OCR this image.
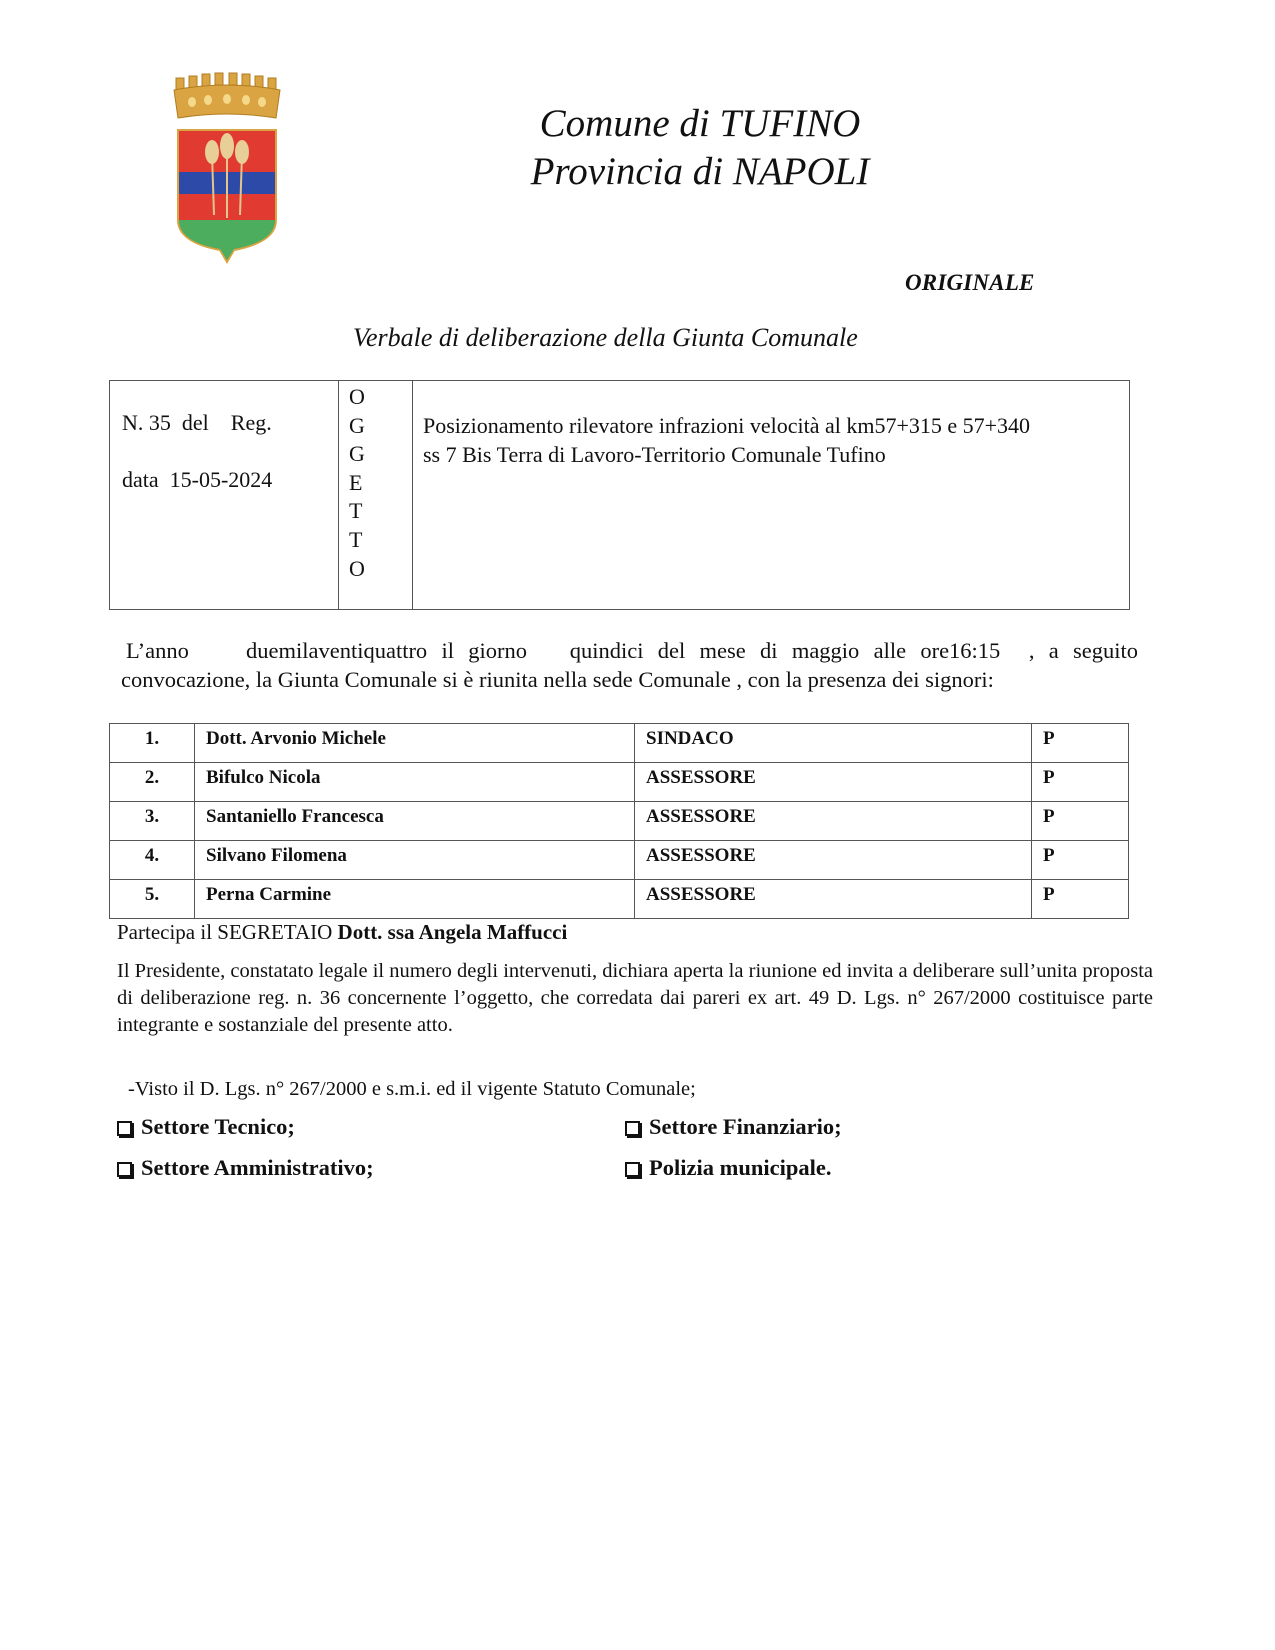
Comune di TUFINO
Provincia di NAPOLI
ORIGINALE
Verbale di deliberazione della Giunta Comunale
N. 35  del    Reg.
data  15-05-2024
O
G
G
E
T
T
O
Posizionamento rilevatore infrazioni velocità al km57+315 e 57+340
ss 7 Bis Terra di Lavoro-Territorio Comunale Tufino
L’anno    duemilaventiquattro il giorno   quindici del mese di maggio alle ore16:15  , a seguito
convocazione, la Giunta Comunale si è riunita nella sede Comunale , con la presenza dei signori:
1.	Dott. Arvonio Michele	SINDACO	P
2.	Bifulco Nicola	ASSESSORE	P
3.	Santaniello Francesca	ASSESSORE	P
4.	Silvano Filomena	ASSESSORE	P
5.	Perna Carmine	ASSESSORE	P
Partecipa il SEGRETAIO Dott. ssa Angela Maffucci
Il Presidente, constatato legale il numero degli intervenuti, dichiara aperta la riunione ed invita a deliberare sull’unita proposta di deliberazione reg. n. 36 concernente l’oggetto, che corredata dai pareri ex art. 49 D. Lgs. n° 267/2000 costituisce parte integrante e sostanziale del presente atto.
-Visto il D. Lgs. n° 267/2000 e s.m.i. ed il vigente Statuto Comunale;
Settore Tecnico;	Settore Finanziario;
Settore Amministrativo;	Polizia municipale.
